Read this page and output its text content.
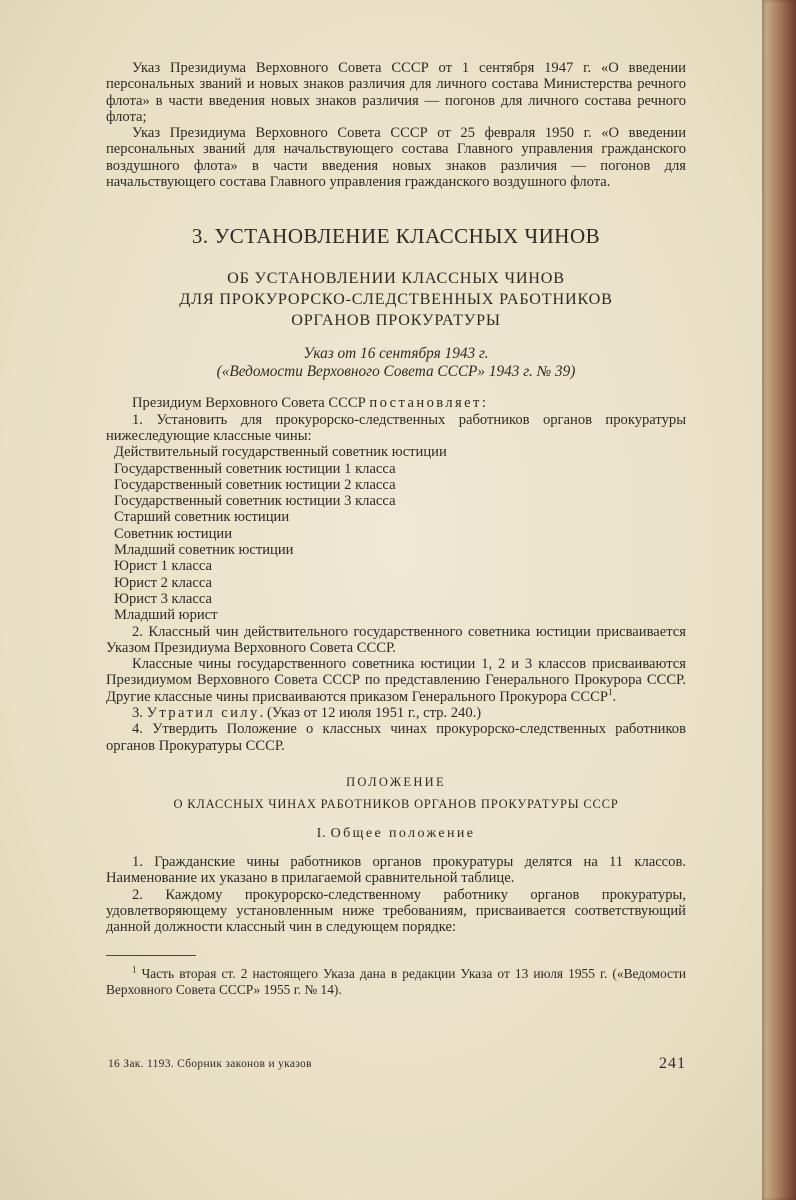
Указ Президиума Верховного Совета СССР от 1 сентября 1947 г. «О введении персональных званий и новых знаков различия для личного состава Министерства речного флота» в части введения новых знаков различия — погонов для личного состава речного флота;

Указ Президиума Верховного Совета СССР от 25 февраля 1950 г. «О введении персональных званий для начальствующего состава Главного управления гражданского воздушного флота» в части введения новых знаков различия — погонов для начальствующего состава Главного управления гражданского воздушного флота.

3. УСТАНОВЛЕНИЕ КЛАССНЫХ ЧИНОВ
ОБ УСТАНОВЛЕНИИ КЛАССНЫХ ЧИНОВ
ДЛЯ ПРОКУРОРСКО-СЛЕДСТВЕННЫХ РАБОТНИКОВ
ОРГАНОВ ПРОКУРАТУРЫ
Указ от 16 сентября 1943 г.
(«Ведомости Верховного Совета СССР» 1943 г. № 39)

Президиум Верховного Совета СССР постановляет:

1. Установить для прокурорско-следственных работников органов прокуратуры нижеследующие классные чины:

Действительный государственный советник юстиции

Государственный советник юстиции 1 класса

Государственный советник юстиции 2 класса

Государственный советник юстиции 3 класса

Старший советник юстиции

Советник юстиции

Младший советник юстиции

Юрист 1 класса

Юрист 2 класса

Юрист 3 класса

Младший юрист

2. Классный чин действительного государственного советника юстиции присваивается Указом Президиума Верховного Совета СССР.

Классные чины государственного советника юстиции 1, 2 и 3 классов присваиваются Президиумом Верховного Совета СССР по представлению Генерального Прокурора СССР. Другие классные чины присваиваются приказом Генерального Прокурора СССР$^1$.

3. Утратил силу. (Указ от 12 июля 1951 г., стр. 240.)

4. Утвердить Положение о классных чинах прокурорско-следственных работников органов Прокуратуры СССР.

ПОЛОЖЕНИЕ
О КЛАССНЫХ ЧИНАХ РАБОТНИКОВ ОРГАНОВ ПРОКУРАТУРЫ СССР
I. Общее положение

1. Гражданские чины работников органов прокуратуры делятся на 11 классов. Наименование их указано в прилагаемой сравнительной таблице.

2. Каждому прокурорско-следственному работнику органов прокуратуры, удовлетворяющему установленным ниже требованиям, присваивается соответствующий данной должности классный чин в следующем порядке:

$^1$ Часть вторая ст. 2 настоящего Указа дана в редакции Указа от 13 июля 1955 г. («Ведомости Верховного Совета СССР» 1955 г. № 14).

16 Зак. 1193. Сборник законов и указов	241
